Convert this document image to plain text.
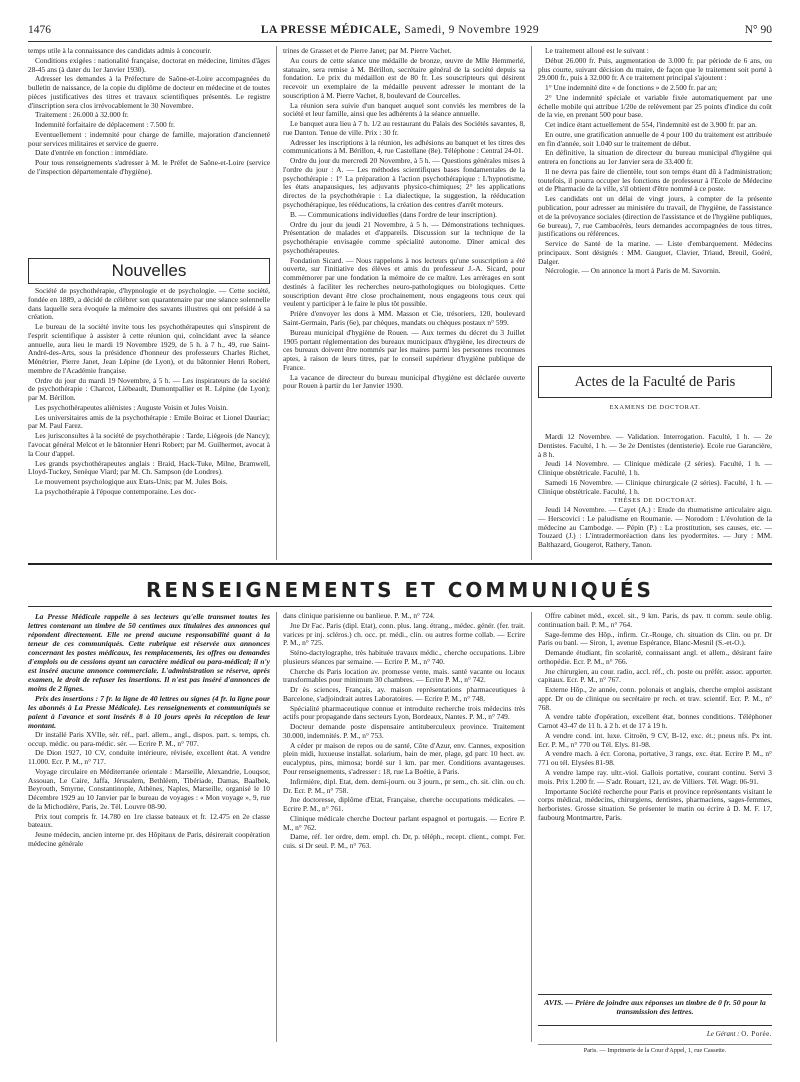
1476	LA PRESSE MÉDICALE, Samedi, 9 Novembre 1929	N° 90

temps utile à la connaissance des candidats admis à concourir.

Conditions exigées : nationalité française, doctorat en médecine, limites d'âges 28-45 ans (à dater du 1er Janvier 1930).

Adresser les demandes à la Préfecture de Saône-et-Loire accompagnées du bulletin de naissance, de la copie du diplôme de docteur en médecine et de toutes pièces justificatives des titres et travaux scientifiques présentés. Le registre d'inscription sera clos irrévocablement le 30 Novembre.

Traitement : 26.000 à 32.000 fr.

Indemnité forfaitaire de déplacement : 7.500 fr.

Eventuellement : indemnité pour charge de famille, majoration d'ancienneté pour services militaires et service de guerre.

Date d'entrée en fonction : immédiate.

Pour tous renseignements s'adresser à M. le Préfet de Saône-et-Loire (service de l'inspection départementale d'hygiène).

Nouvelles

Société de psychothérapie, d'hypnologie et de psychologie. — Cette société, fondée en 1889, a décidé de célébrer son quarantenaire par une séance solennelle dans laquelle sera évoquée la mémoire des savants illustres qui ont présidé à sa création.

Le bureau de la société invite tous les psychothérapeutes qui s'inspirent de l'esprit scientifique à assister à cette réunion qui, coïncidant avec la séance annuelle, aura lieu le mardi 19 Novembre 1929, de 5 h. à 7 h., 49, rue Saint-André-des-Arts, sous la présidence d'honneur des professeurs Charles Richet, Ménétrier, Pierre Janet, Jean Lépine (de Lyon), et du bâtonnier Henri Robert, membre de l'Académie française.

Ordre du jour du mardi 19 Novembre, à 5 h. — Les inspirateurs de la société de psychothérapie : Charcot, Liébeault, Dumontpallier et R. Lépine (de Lyon); par M. Bérillon.

Les psychothérapeutes aliénistes : Auguste Voisin et Jules Voisin.

Les universitaires amis de la psychothérapie : Emile Boirac et Lionel Dauriac; par M. Paul Farez.

Les jurisconsultes à la société de psychothérapie : Tarde, Liégeois (de Nancy); l'avocat général Melcot et le bâtonnier Henri Robert; par M. Guilhermet, avocat à la Cour d'appel.

Les grands psychothérapeutes anglais : Braid, Hack-Tuke, Milne, Bramwell, Lloyd-Tuckey, Senèque Viard; par M. Ch. Sampson (de Londres).

Le mouvement psychologique aux Etats-Unis; par M. Jules Bois.

La psychothérapie à l'époque contemporaine. Les doc-

trines de Grasset et de Pierre Janet; par M. Pierre Vachet.

Au cours de cette séance une médaille de bronze, œuvre de Mlle Hemmerlé, statuaire, sera remise à M. Bérillon, secrétaire général de la société depuis sa fondation. Le prix du médaillon est de 80 fr. Les souscripteurs qui désirent recevoir un exemplaire de la médaille peuvent adresser le montant de la souscription à M. Pierre Vachet, 8, boulevard de Courcelles.

La réunion sera suivie d'un banquet auquel sont conviés les membres de la société et leur famille, ainsi que les adhérents à la séance annuelle.

Le banquet aura lieu à 7 h. 1/2 au restaurant du Palais des Sociétés savantes, 8, rue Danton. Tenue de ville. Prix : 30 fr.

Adresser les inscriptions à la réunion, les adhésions au banquet et les titres des communications à M. Bérillon, 4, rue Castellane (8e). Téléphone : Central 24-01.

Ordre du jour du mercredi 20 Novembre, à 5 h. — Questions générales mises à l'ordre du jour : A. — Les méthodes scientifiques bases fondamentales de la psychothérapie : 1° La préparation à l'action psychothérapique : L'hypnotisme, les états anapausiques, les adjuvants physico-chimiques; 2° les applications directes de la psychothérapie : La dialectique, la suggestion, la rééducation psychothérapique, les rééducations, la création des centres d'arrêt moteurs.

B. — Communications individuelles (dans l'ordre de leur inscription).

Ordre du jour du jeudi 21 Novembre, à 5 h. — Démonstrations techniques. Présentation de malades et d'appareils. Discussion sur la technique de la psychothérapie envisagée comme spécialité autonome. Dîner amical des psychothérapeutes.

Fondation Sicard. — Nous rappelons à nos lecteurs qu'une souscription a été ouverte, sur l'initiative des élèves et amis du professeur J.-A. Sicard, pour commémorer par une fondation la mémoire de ce maître. Les arrérages en sont destinés à faciliter les recherches neuro-pathologiques ou biologiques. Cette souscription devant être close prochainement, nous engageons tous ceux qui veulent y participer à le faire le plus tôt possible.

Prière d'envoyer les dons à MM. Masson et Cie, trésoriers, 120, boulevard Saint-Germain, Paris (6e), par chèques, mandats ou chèques postaux n° 599.

Bureau municipal d'hygiène de Rouen. — Aux termes du décret du 3 Juillet 1905 portant réglementation des bureaux municipaux d'hygiène, les directeurs de ces bureaux doivent être nommés par les maires parmi les personnes reconnues aptes, à raison de leurs titres, par le conseil supérieur d'hygiène publique de France.

La vacance de directeur du bureau municipal d'hygiène est déclarée ouverte pour Rouen à partir du 1er Janvier 1930.

Le traitement alloué est le suivant :

Début 26.000 fr. Puis, augmentation de 3.000 fr. par période de 6 ans, ou plus courte, suivant décision du maire, de façon que le traitement soit porté à 29.000 fr., puis à 32.000 fr. A ce traitement principal s'ajoutent :

1° Une indemnité dite « de fonctions » de 2.500 fr. par an;

2° Une indemnité spéciale et variable fixée automatiquement par une échelle mobile qui attribue 1/20e de relèvement par 25 points d'indice du coût de la vie, en prenant 500 pour base.

Cet indice étant actuellement de 554, l'indemnité est de 3.900 fr. par an.

En outre, une gratification annuelle de 4 pour 100 du traitement est attribuée en fin d'année, soit 1.040 sur le traitement de début.

En définitive, la situation de directeur du bureau municipal d'hygiène qui entrera en fonctions au 1er Janvier sera de 33.400 fr.

Il ne devra pas faire de clientèle, tout son temps étant dû à l'administration; toutefois, il pourra occuper les fonctions de professeur à l'Ecole de Médecine et de Pharmacie de la ville, s'il obtient d'être nommé à ce poste.

Les candidats ont un délai de vingt jours, à compter de la présente publication, pour adresser au ministère du travail, de l'hygiène, de l'assistance et de la prévoyance sociales (direction de l'assistance et de l'hygiène publiques, 6e bureau), 7, rue Cambacérès, leurs demandes accompagnées de tous titres, justifications ou références.

Service de Santé de la marine. — Liste d'embarquement. Médecins principaux. Sont désignés : MM. Gauguet, Clavier, Triaud, Breuil, Goéré, Dalger.

Nécrologie. — On annonce la mort à Paris de M. Savornin.

Actes de la Faculté de Paris
EXAMENS DE DOCTORAT.

Mardi 12 Novembre. — Validation. Interrogation. Faculté, 1 h. — 2e Dentistes. Faculté, 1 h. — 3e 2e Dentistes (dentisterie). Ecole rue Garancière, à 8 h.

Jeudi 14 Novembre. — Clinique médicale (2 séries). Faculté, 1 h. — Clinique obstétricale. Faculté, 1 h.

Samedi 16 Novembre. — Clinique chirurgicale (2 séries). Faculté, 1 h. — Clinique obstétricale. Faculté, 1 h.

THÈSES DE DOCTORAT.

Jeudi 14 Novembre. — Cayet (A.) : Etude du rhumatisme articulaire aigu. — Herscovici : Le paludisme en Roumanie. — Norodom : L'évolution de la médecine au Cambodge. — Pépin (P.) : La prostitution, ses causes, etc. — Touzard (J.) : L'intradermoréaction dans les pyodermites. — Jury : MM. Balthazard, Gougerot, Rathery, Tanon.

RENSEIGNEMENTS ET COMMUNIQUÉS

La Presse Médicale rappelle à ses lecteurs qu'elle transmet toutes les lettres contenant un timbre de 50 centimes aux titulaires des annonces qui répondent directement. Elle ne prend aucune responsabilité quant à la teneur de ces communiqués. Cette rubrique est réservée aux annonces concernant les postes médicaux, les remplacements, les offres ou demandes d'emplois ou de cessions ayant un caractère médical ou para-médical; il n'y est inséré aucune annonce commerciale. L'administration se réserve, après examen, le droit de refuser les insertions. Il n'est pas inséré d'annonces de moins de 2 lignes.

Prix des insertions : 7 fr. la ligne de 40 lettres ou signes (4 fr. la ligne pour les abonnés à La Presse Médicale). Les renseignements et communiqués se paient à l'avance et sont insérés 8 à 10 jours après la réception de leur montant.

Dr installé Paris XVIIe, sér. réf., parl. allem., angl., dispos. part. s. temps, ch. occup. médic. ou para-médic. sér. — Ecrire P. M., n° 707.

De Dion 1927, 10 CV, conduite intérieure, révisée, excellent état. A vendre 11.000. Ecr. P. M., n° 717.

Voyage circulaire en Méditerranée orientale : Marseille, Alexandrie, Louqsor, Assouan, Le Caire, Jaffa, Jérusalem, Bethléem, Tibériade, Damas, Baalbek, Beyrouth, Smyrne, Constantinople, Athènes, Naples, Marseille, organisé le 10 Décembre 1929 au 10 Janvier par le bureau de voyages : « Mon voyage », 9, rue de la Michodière, Paris, 2e. Tél. Louvre 08-90.

Prix tout compris fr. 14.780 en 1re classe bateaux et fr. 12.475 en 2e classe bateaux.

Jeune médecin, ancien interne pr. des Hôpitaux de Paris, désirerait coopération médecine générale

dans clinique parisienne ou banlieue. P. M., n° 724.

Jne Dr Fac. Paris (dipl. Etat), conn. plus. lang. étrang., médec. génér. (fer. trait. varices pr inj. scléros.) ch. occ. pr. médi., clin. ou autres forme collab. — Ecrire P. M., n° 725.

Sténo-dactylographe, très habituée travaux médic., cherche occupations. Libre plusieurs séances par semaine. — Ecrire P. M., n° 740.

Cherche ds Paris location av. promesse vente, mais. santé vacante ou locaux transformables pour minimum 30 chambres. — Ecrire P. M., n° 742.

Dr ès sciences, Français, ay. maison représentations pharmaceutiques à Barcelone, s'adjoindrait autres Laboratoires. — Ecrire P. M., n° 748.

Spécialité pharmaceutique connue et introduite recherche trois médecins très actifs pour propagande dans secteurs Lyon, Bordeaux, Nantes. P. M., n° 749.

Docteur demande poste dispensaire antituberculeux province. Traitement 30.000, indemnités. P. M., n° 753.

A céder pr maison de repos ou de santé, Côte d'Azur, env. Cannes, exposition plein midi, luxueuse installat. solarium, bain de mer, plage, gd parc 10 hect. av. eucalyptus, pins, mimosa; bordé sur 1 km. par mer. Conditions avantageuses. Pour renseignements, s'adresser : 18, rue La Boétie, à Paris.

Infirmière, dipl. Etat, dem. demi-journ. ou 3 journ., pr sem., ch. sit. clin. ou ch. Dr. Ecr. P. M., n° 758.

Jne doctoresse, diplôme d'Etat, Française, cherche occupations médicales. — Ecrire P. M., n° 761.

Clinique médicale cherche Docteur parlant espagnol et portugais. — Ecrire P. M., n° 762.

Dame, réf. 1er ordre, dem. empl. ch. Dr, p. téléph., recept. client., compt. Fer. cuis. si Dr seul. P. M., n° 763.

Offre cabinet méd., excel. sit., 9 km. Paris, ds pav. tt comm. seule oblig. continuation bail. P. M., n° 764.

Sage-femme des Hôp., infirm. Cr.-Rouge, ch. situation ds Clin. ou pr. Dr Paris ou banl. — Siron, 1, avenue Espérance, Blanc-Mesnil (S.-et-O.).

Demande étudiant, fin scolarité, connaissant angl. et allem., désirant faire orthopédie. Ecr. P. M., n° 766.

Jne chirurgien, au cour. radio, accl. réf., ch. poste ou préfér. assoc. apporter. capitaux. Ecr. P. M., n° 767.

Externe Hôp., 2e année, conn. polonais et anglais, cherche emploi assistant appr. Dr ou de clinique ou secrétaire pr rech. et trav. scientif. Ecr. P. M., n° 768.

A vendre table d'opération, excellent état, bonnes conditions. Téléphoner Carnot 43-47 de 11 h. à 2 h. et de 17 à 19 h.

A vendre cond. int. luxe. Citroën, 9 CV, B-12, exc. ét.; pneus nfs. Px int. Ecr. P. M., n° 770 ou Tél. Elys. 81-98.

A vendre mach. à écr. Corona, portative, 3 rangs, exc. état. Ecrire P. M., n° 771 ou tél. Elysées 81-98.

A vendre lampe ray. ultr.-viol. Gallois portative, courant continu. Servi 3 mois. Prix 1.200 fr. — S'adr. Rouart, 121, av. de Villiers. Tél. Wagr. 06-91.

Importante Société recherche pour Paris et province représentants visitant le corps médical, médecins, chirurgiens, dentistes, pharmaciens, sages-femmes, herboristes. Grosse situation. Se présenter le matin ou écrire à D. M. F. 17, faubourg Montmartre, Paris.

AVIS. — Prière de joindre aux réponses un timbre de 0 fr. 50 pour la transmission des lettres.
Le Gérant : O. Porée.
Paris. — Imprimerie de la Cour d'Appel, 1, rue Cassette.
